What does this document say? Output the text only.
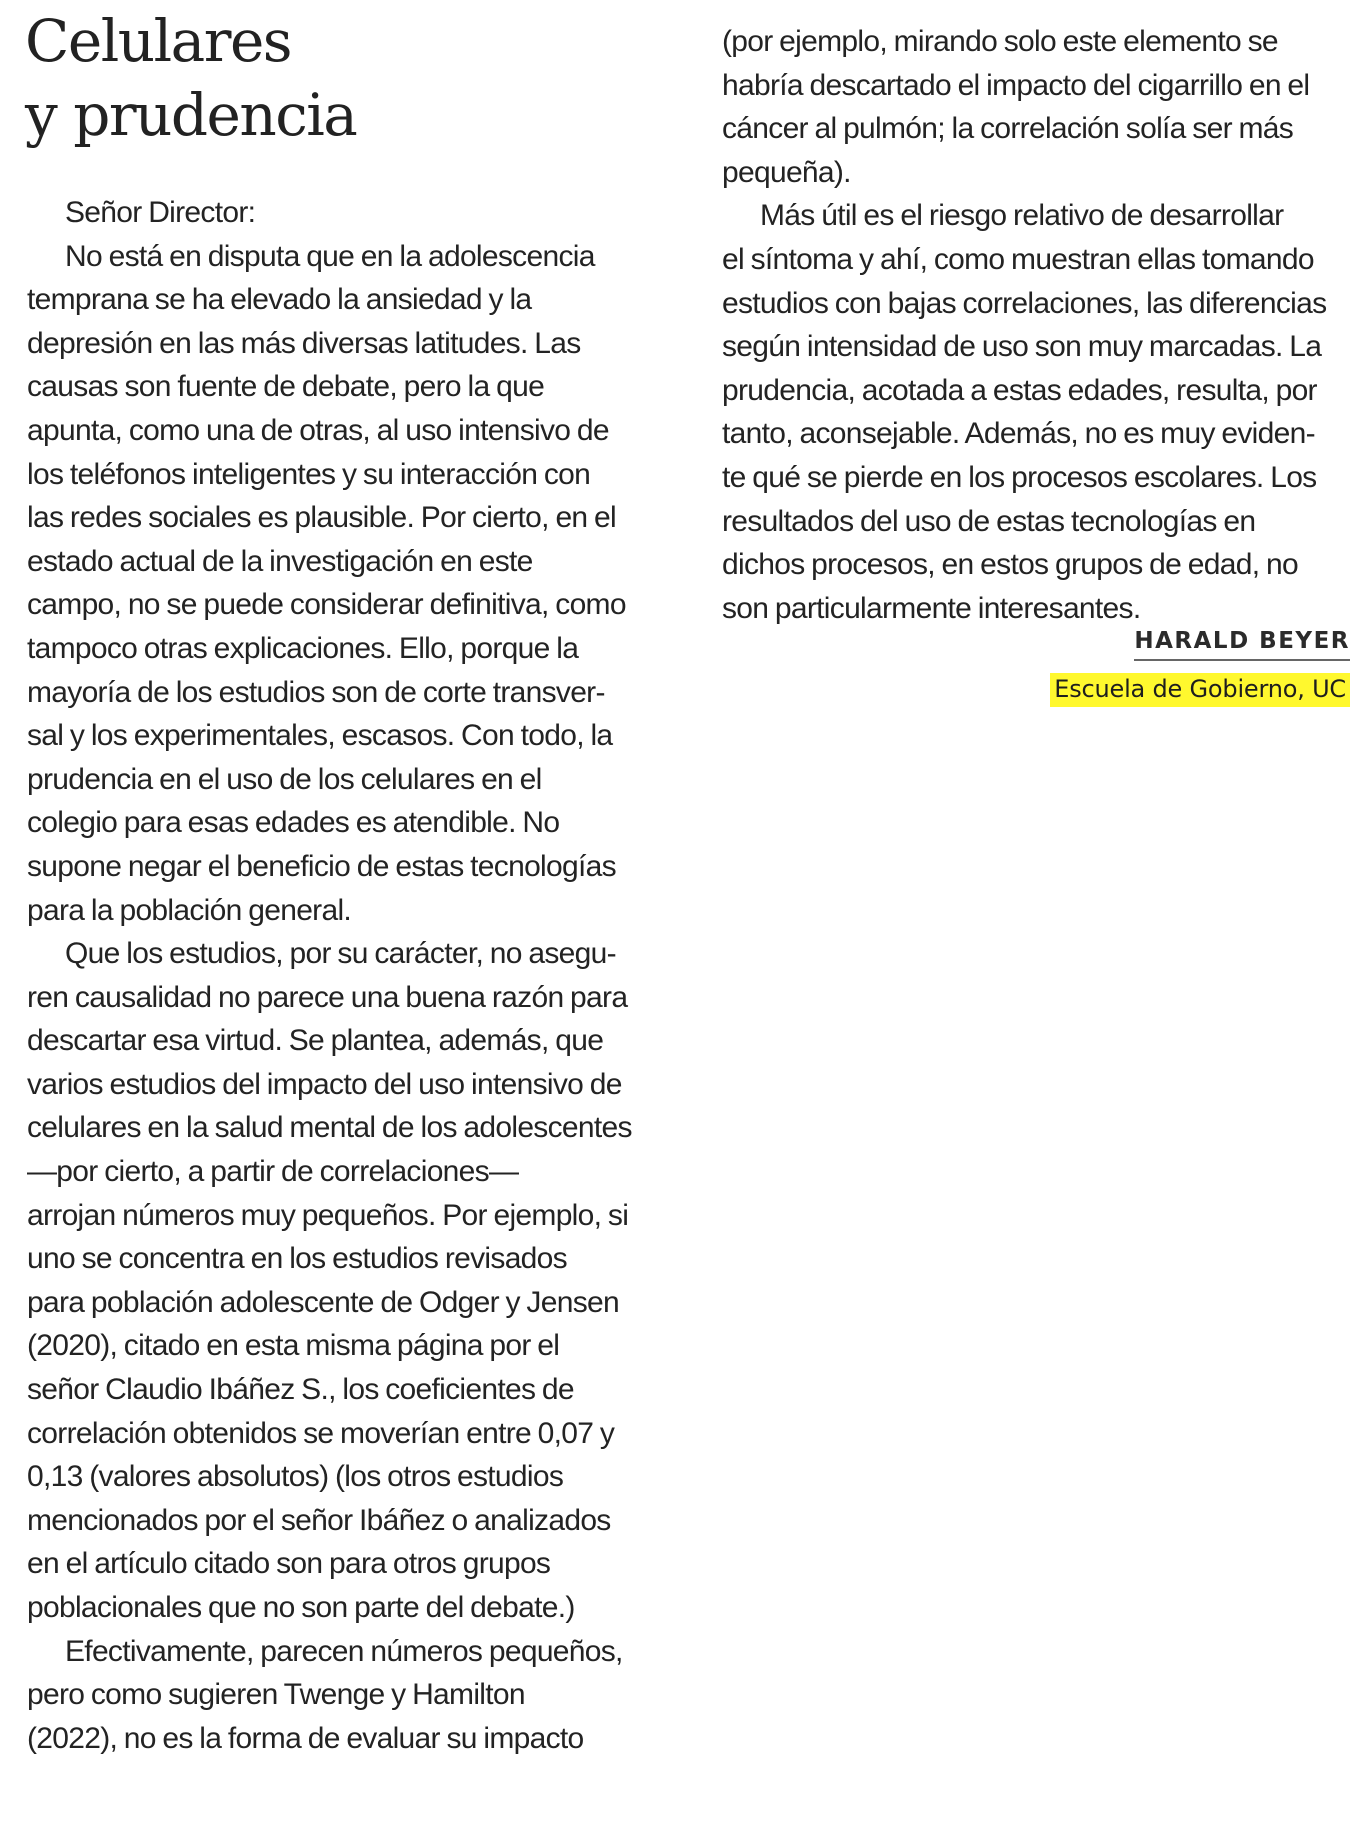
Celulares
y prudencia
Señor Director:
No está en disputa que en la adolescencia
temprana se ha elevado la ansiedad y la
depresión en las más diversas latitudes. Las
causas son fuente de debate, pero la que
apunta, como una de otras, al uso intensivo de
los teléfonos inteligentes y su interacción con
las redes sociales es plausible. Por cierto, en el
estado actual de la investigación en este
campo, no se puede considerar definitiva, como
tampoco otras explicaciones. Ello, porque la
mayoría de los estudios son de corte transver-
sal y los experimentales, escasos. Con todo, la
prudencia en el uso de los celulares en el
colegio para esas edades es atendible. No
supone negar el beneficio de estas tecnologías
para la población general.
Que los estudios, por su carácter, no asegu-
ren causalidad no parece una buena razón para
descartar esa virtud. Se plantea, además, que
varios estudios del impacto del uso intensivo de
celulares en la salud mental de los adolescentes
—por cierto, a partir de correlaciones—
arrojan números muy pequeños. Por ejemplo, si
uno se concentra en los estudios revisados
para población adolescente de Odger y Jensen
(2020), citado en esta misma página por el
señor Claudio Ibáñez S., los coeficientes de
correlación obtenidos se moverían entre 0,07 y
0,13 (valores absolutos) (los otros estudios
mencionados por el señor Ibáñez o analizados
en el artículo citado son para otros grupos
poblacionales que no son parte del debate.)
Efectivamente, parecen números pequeños,
pero como sugieren Twenge y Hamilton
(2022), no es la forma de evaluar su impacto
(por ejemplo, mirando solo este elemento se
habría descartado el impacto del cigarrillo en el
cáncer al pulmón; la correlación solía ser más
pequeña).
Más útil es el riesgo relativo de desarrollar
el síntoma y ahí, como muestran ellas tomando
estudios con bajas correlaciones, las diferencias
según intensidad de uso son muy marcadas. La
prudencia, acotada a estas edades, resulta, por
tanto, aconsejable. Además, no es muy eviden-
te qué se pierde en los procesos escolares. Los
resultados del uso de estas tecnologías en
dichos procesos, en estos grupos de edad, no
son particularmente interesantes.
HARALD BEYER
Escuela de Gobierno, UC
